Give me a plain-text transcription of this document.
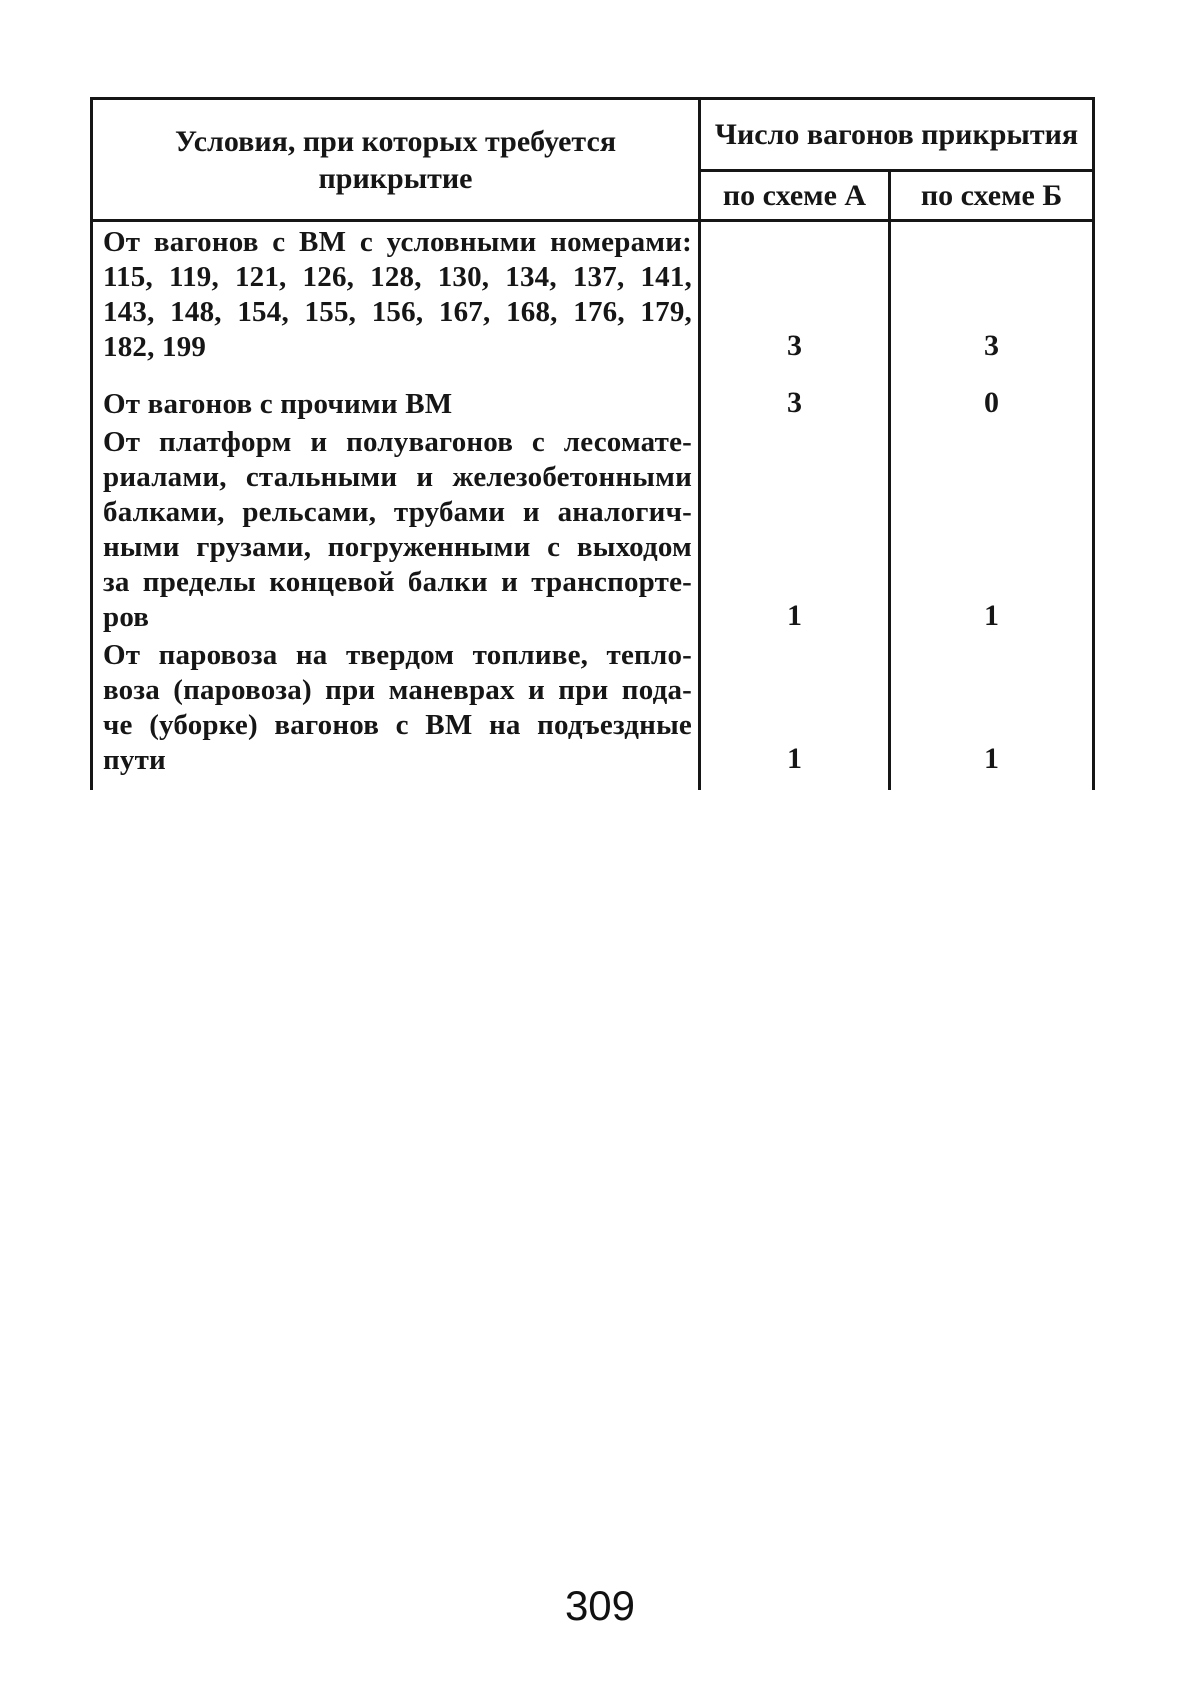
Условия, при которых требуется прикрытие	Число вагонов прикрытия	
	по схеме А	по схеме Б

От вагонов с ВМ с условными номерами:
115, 119, 121, 126, 128, 130, 134, 137, 141,
143, 148, 154, 155, 156, 167, 168, 176, 179,
182, 199	3	3

От вагонов с прочими ВМ	3	0

От платформ и полувагонов с лесомате-
риалами, стальными и железобетонными
балками, рельсами, трубами и аналогич-
ными грузами, погруженными с выходом
за пределы концевой балки и транспорте-
ров	1	1

От паровоза на твердом топливе, тепло-
воза (паровоза) при маневрах и при пода-
че (уборке) вагонов с ВМ на подъездные
пути	1	1
309
